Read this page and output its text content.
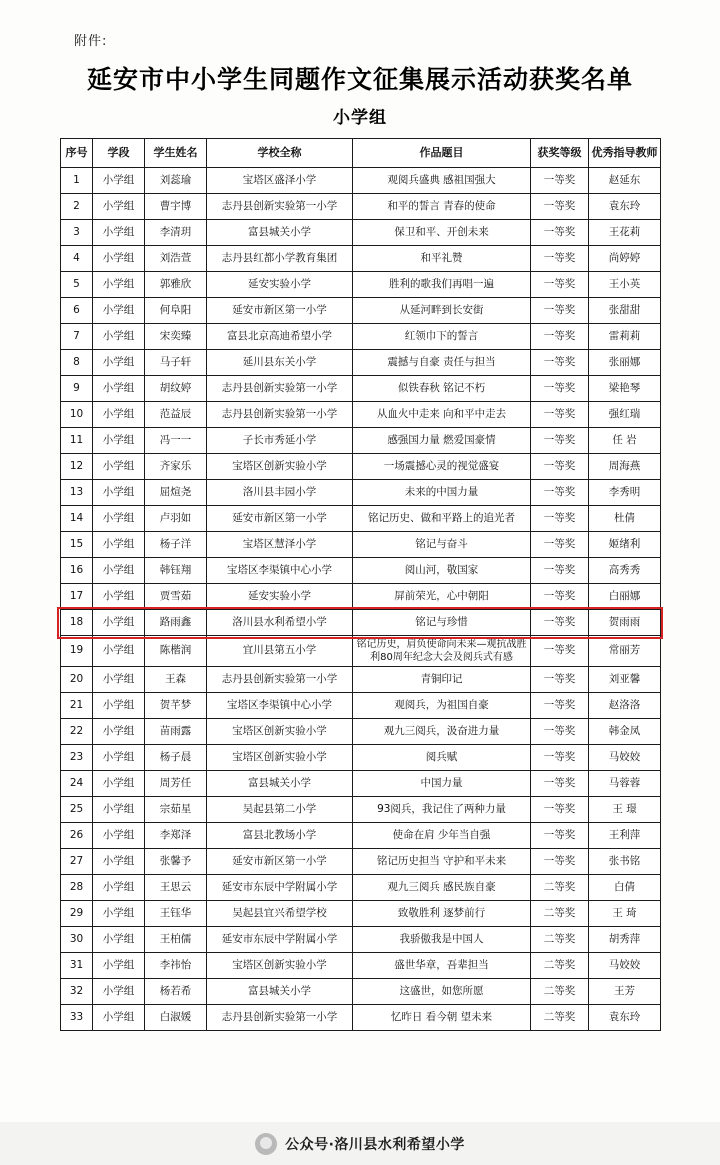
附件:
延安市中小学生同题作文征集展示活动获奖名单
小学组
序号	学段	学生姓名	学校全称	作品题目	获奖等级	优秀指导教师
1	小学组	刘蕊瑜	宝塔区盛泽小学	观阅兵盛典 感祖国强大	一等奖	赵延东
2	小学组	曹宇博	志丹县创新实验第一小学	和平的誓言 青春的使命	一等奖	袁东玲
3	小学组	李清玥	富县城关小学	保卫和平、开创未来	一等奖	王花莉
4	小学组	刘浩萱	志丹县红都小学教育集团	和平礼赞	一等奖	尚婷婷
5	小学组	郭雅欣	延安实验小学	胜利的歌我们再唱一遍	一等奖	王小英
6	小学组	何阜阳	延安市新区第一小学	从延河畔到长安街	一等奖	张甜甜
7	小学组	宋奕臻	富县北京高迪希望小学	红领巾下的誓言	一等奖	雷莉莉
8	小学组	马子轩	延川县东关小学	震撼与自豪 责任与担当	一等奖	张丽娜
9	小学组	胡纹婷	志丹县创新实验第一小学	似铁春秋 铭记不朽	一等奖	梁艳琴
10	小学组	范益辰	志丹县创新实验第一小学	从血火中走来 向和平中走去	一等奖	强红瑞
11	小学组	冯一一	子长市秀延小学	感强国力量 燃爱国豪情	一等奖	任 岩
12	小学组	齐家乐	宝塔区创新实验小学	一场震撼心灵的视觉盛宴	一等奖	周海燕
13	小学组	屈煊尧	洛川县丰园小学	未来的中国力量	一等奖	李秀明
14	小学组	卢羽如	延安市新区第一小学	铭记历史、做和平路上的追光者	一等奖	杜倩
15	小学组	杨子洋	宝塔区慧泽小学	铭记与奋斗	一等奖	姬绪利
16	小学组	韩钰翔	宝塔区李渠镇中心小学	阅山河，敬国家	一等奖	高秀秀
17	小学组	贾雪茹	延安实验小学	屏前荣光，心中朝阳	一等奖	白丽娜
18	小学组	路雨鑫	洛川县水利希望小学	铭记与珍惜	一等奖	贺雨雨
19	小学组	陈楷润	宜川县第五小学	铭记历史，肩负使命向未来—观抗战胜利80周年纪念大会及阅兵式有感	一等奖	常丽芳
20	小学组	王森	志丹县创新实验第一小学	青铜印记	一等奖	刘亚馨
21	小学组	贺芊梦	宝塔区李渠镇中心小学	观阅兵，为祖国自豪	一等奖	赵洛洛
22	小学组	苗雨露	宝塔区创新实验小学	观九三阅兵，汲奋进力量	一等奖	韩金凤
23	小学组	杨子晨	宝塔区创新实验小学	阅兵赋	一等奖	马姣姣
24	小学组	周芳任	富县城关小学	中国力量	一等奖	马蓉蓉
25	小学组	宗茹星	吴起县第二小学	93阅兵，我记住了两种力量	一等奖	王 璟
26	小学组	李郑泽	富县北教场小学	使命在肩 少年当自强	一等奖	王利萍
27	小学组	张馨予	延安市新区第一小学	铭记历史担当 守护和平未来	一等奖	张书铭
28	小学组	王思云	延安市东辰中学附属小学	观九三阅兵 感民族自豪	二等奖	白倩
29	小学组	王钰华	吴起县宜兴希望学校	致敬胜利 逐梦前行	二等奖	王 琦
30	小学组	王柏儒	延安市东辰中学附属小学	我骄傲我是中国人	二等奖	胡秀萍
31	小学组	李祎怡	宝塔区创新实验小学	盛世华章，吾辈担当	二等奖	马姣姣
32	小学组	杨若希	富县城关小学	这盛世，如您所愿	二等奖	王芳
33	小学组	白淑媛	志丹县创新实验第一小学	忆昨日 看今朝 望未来	二等奖	袁东玲
公众号·洛川县水利希望小学
